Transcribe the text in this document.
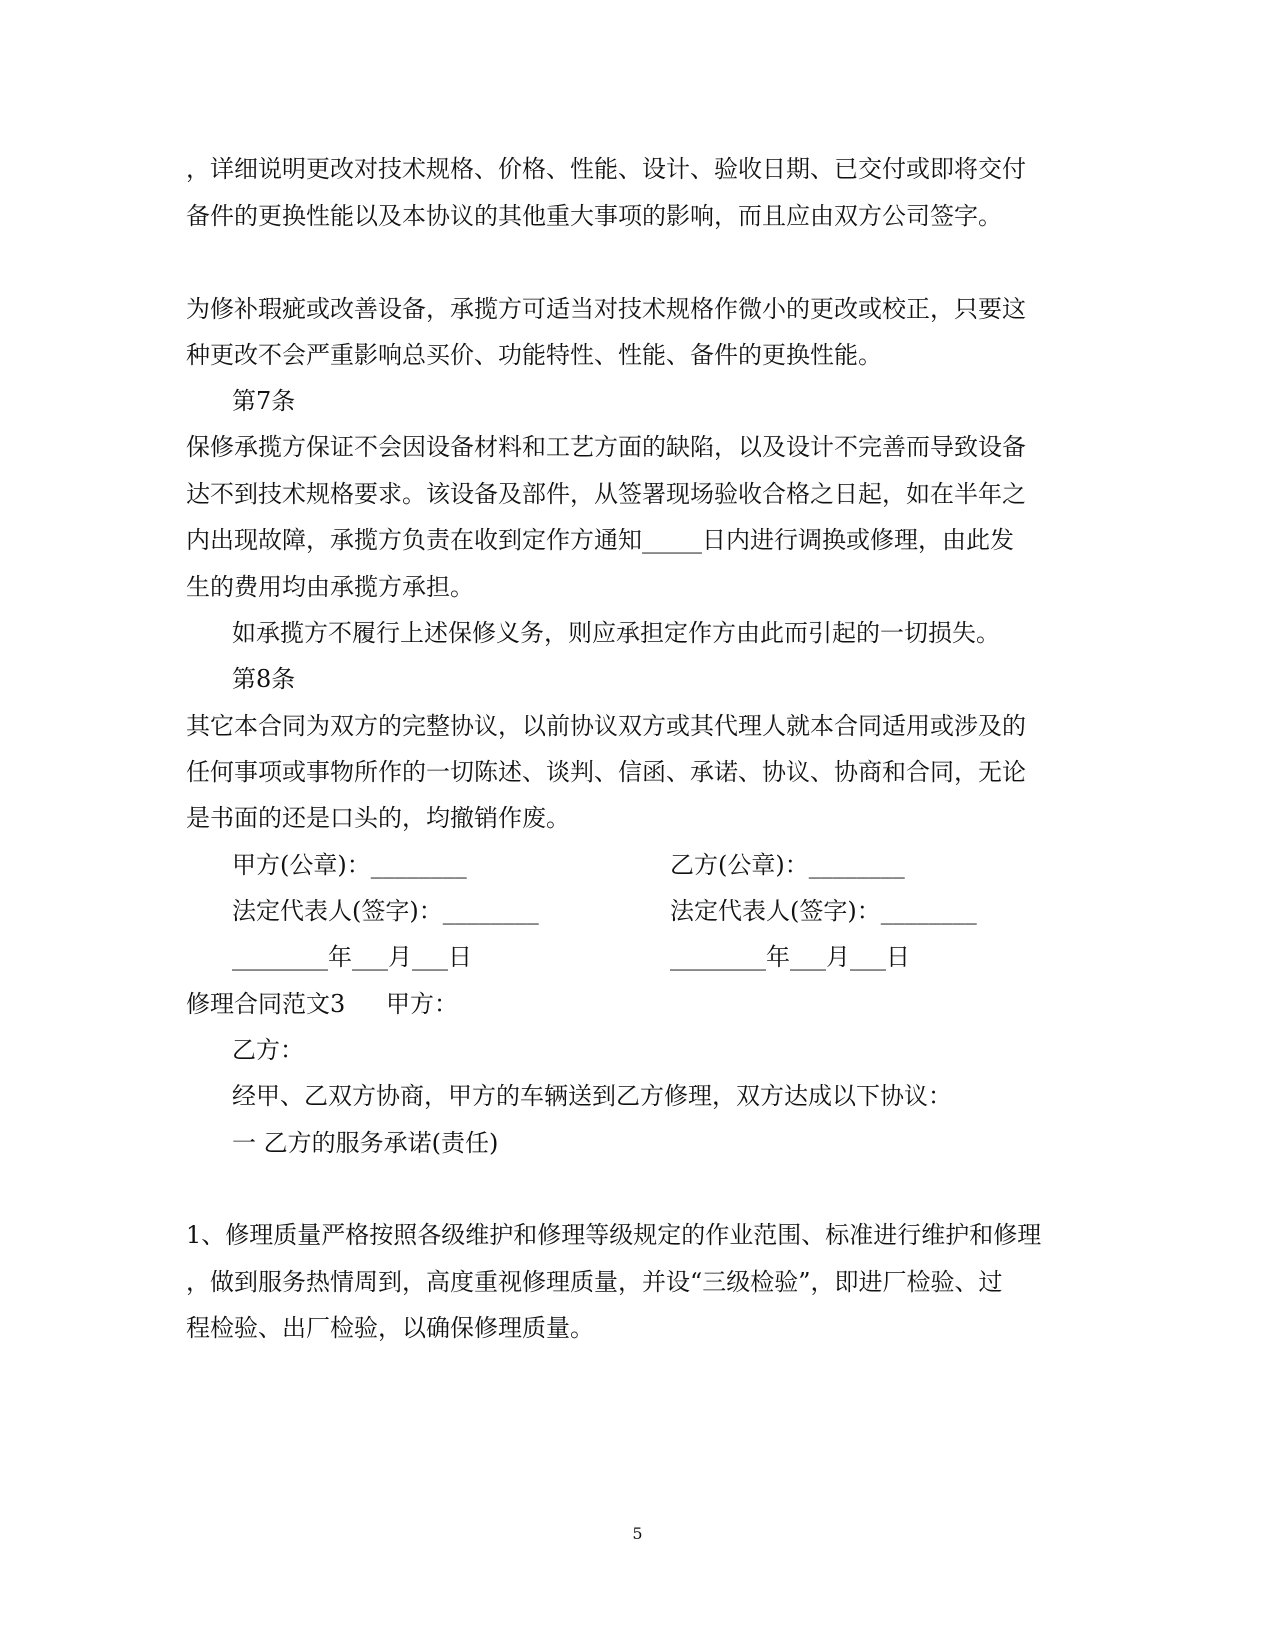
，详细说明更改对技术规格、价格、性能、设计、验收日期、已交付或即将交付
备件的更换性能以及本协议的其他重大事项的影响，而且应由双方公司签字。
为修补瑕疵或改善设备，承揽方可适当对技术规格作微小的更改或校正，只要这
种更改不会严重影响总买价、功能特性、性能、备件的更换性能。
第7条
保修承揽方保证不会因设备材料和工艺方面的缺陷，以及设计不完善而导致设备
达不到技术规格要求。该设备及部件，从签署现场验收合格之日起，如在半年之
内出现故障，承揽方负责在收到定作方通知_____日内进行调换或修理，由此发
生的费用均由承揽方承担。
如承揽方不履行上述保修义务，则应承担定作方由此而引起的一切损失。
第8条
其它本合同为双方的完整协议，以前协议双方或其代理人就本合同适用或涉及的
任何事项或事物所作的一切陈述、谈判、信函、承诺、协议、协商和合同，无论
是书面的还是口头的，均撤销作废。
甲方(公章)：________	乙方(公章)：________
法定代表人(签字)：________	法定代表人(签字)：________
________年___月___日	________年___月___日
修理合同范文3 甲方：
乙方：
经甲、乙双方协商，甲方的车辆送到乙方修理，双方达成以下协议：
一 乙方的服务承诺(责任)
1、修理质量严格按照各级维护和修理等级规定的作业范围、标准进行维护和修理
，做到服务热情周到，高度重视修理质量，并设“三级检验”，即进厂检验、过
程检验、出厂检验，以确保修理质量。
5
